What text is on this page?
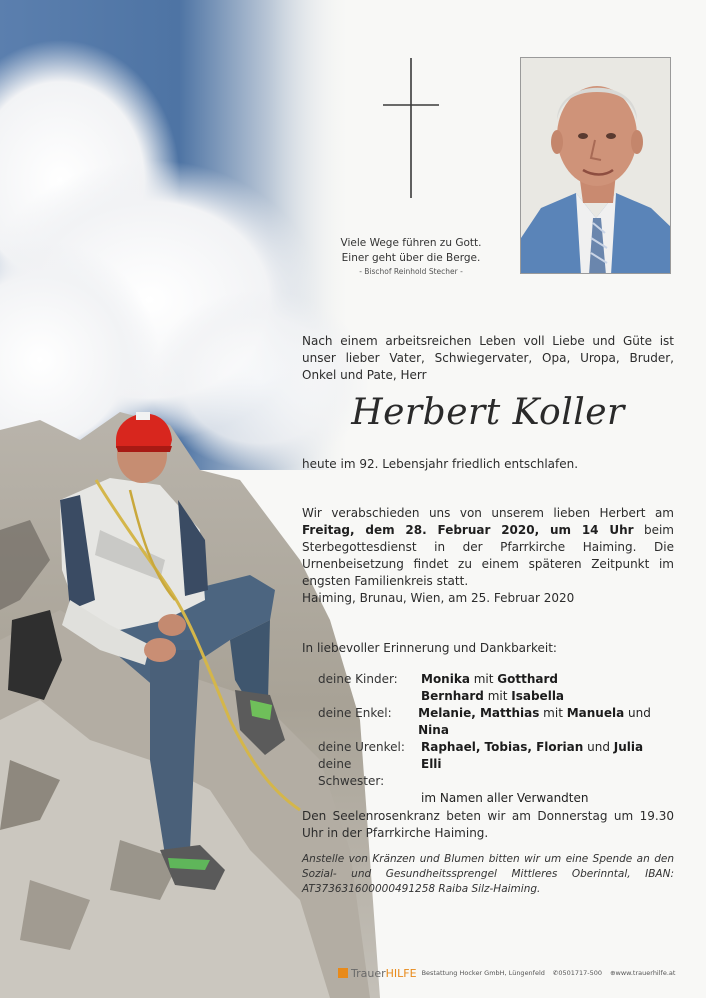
Viele Wege führen zu Gott.
Einer geht über die Berge.
- Bischof Reinhold Stecher -
Nach einem arbeitsreichen Leben voll Liebe und Güte ist unser lieber Vater, Schwiegervater, Opa, Uropa, Bruder, Onkel und Pate, Herr
Herbert Koller
heute im 92. Lebensjahr friedlich entschlafen.
Wir verabschieden uns von unserem lieben Herbert am Freitag, dem 28. Februar 2020, um 14 Uhr beim Sterbegottesdienst in der Pfarrkirche Haiming. Die Urnenbeisetzung findet zu einem späteren Zeitpunkt im engsten Familienkreis statt.
Haiming, Brunau, Wien, am 25. Februar 2020
In liebevoller Erinnerung und Dankbarkeit:
deine Kinder:	Monika mit Gotthard
Bernhard mit Isabella
deine Enkel:	Melanie, Matthias mit Manuela und Nina
deine Urenkel:	Raphael, Tobias, Florian und Julia
deine Schwester:
Elli
im Namen aller Verwandten
Den Seelenrosenkranz beten wir am Donnerstag um 19.30 Uhr in der Pfarrkirche Haiming.
Anstelle von Kränzen und Blumen bitten wir um eine Spende an den Sozial- und Gesundheitssprengel Mittleres Oberinntal, IBAN: AT373631600000491258 Raiba Silz-Haiming.
Trauer HILFE Bestattung Hocker GmbH, Lüngenfeld ✆ 0501717-500 ⊕ www.trauerhilfe.at
